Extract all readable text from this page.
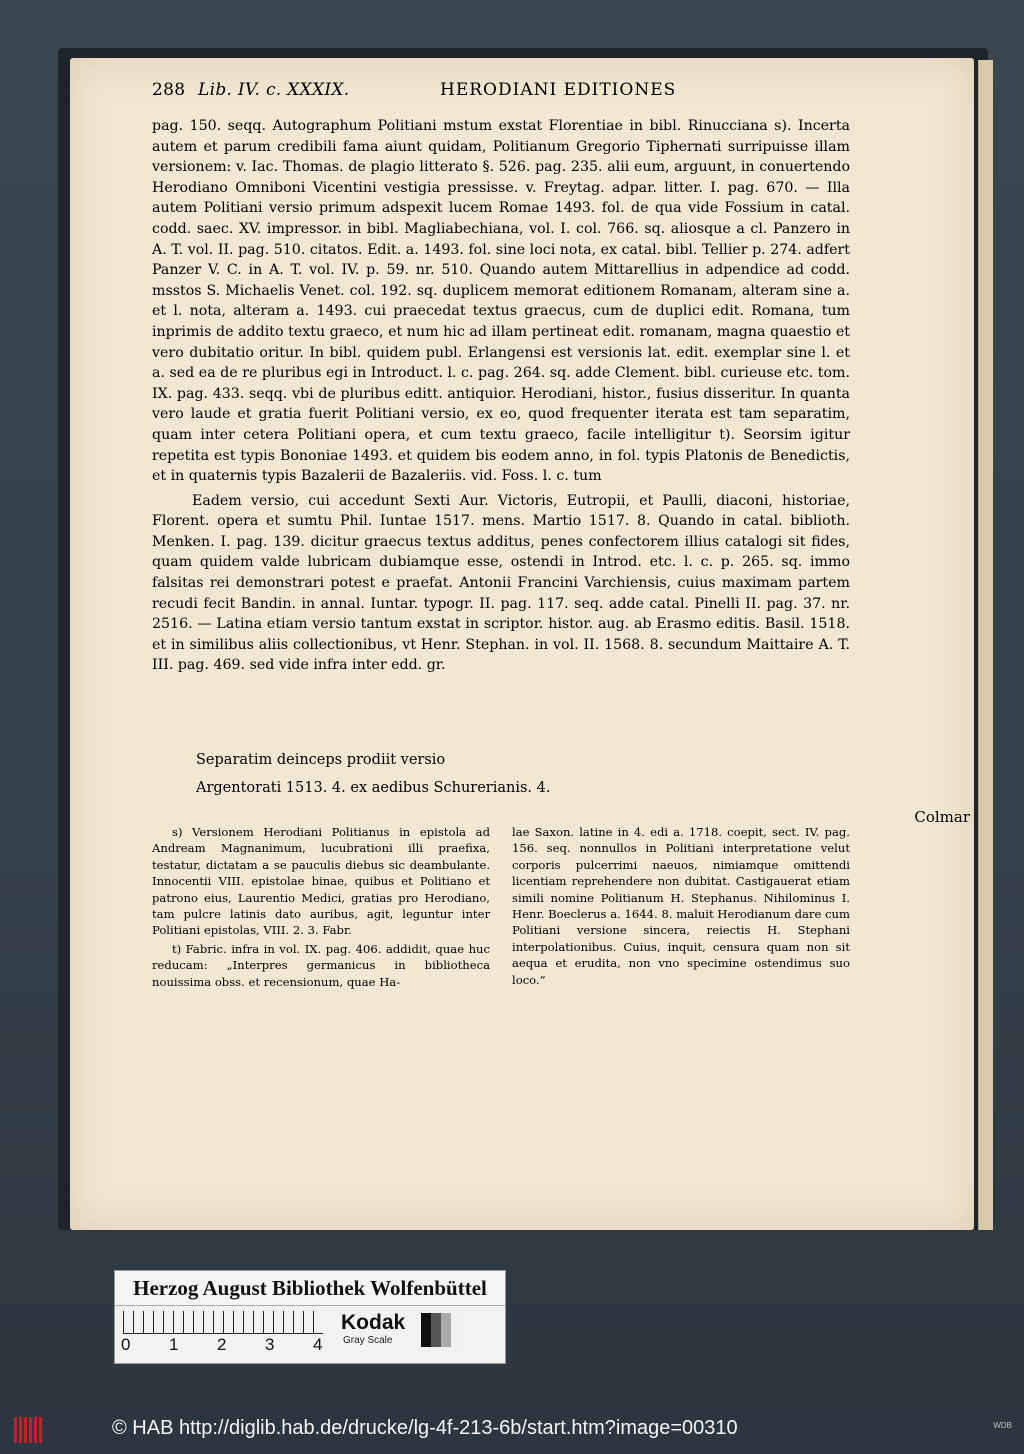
288 Lib. IV. c. XXXIX.	HERODIANI EDITIONES

pag. 150. seqq. Autographum Politiani mstum exstat Florentiae in bibl. Rinucciana s). Incerta autem et parum credibili fama aiunt quidam, Politianum Gregorio Tiphernati surripuisse illam versionem: v. Iac. Thomas. de plagio litterato §. 526. pag. 235. alii eum, arguunt, in conuertendo Herodiano Omniboni Vicentini vestigia pressisse. v. Freytag. adpar. litter. I. pag. 670. — Illa autem Politiani versio primum adspexit lucem Romae 1493. fol. de qua vide Fossium in catal. codd. saec. XV. impressor. in bibl. Magliabechiana, vol. I. col. 766. sq. aliosque a cl. Panzero in A. T. vol. II. pag. 510. citatos. Edit. a. 1493. fol. sine loci nota, ex catal. bibl. Tellier p. 274. adfert Panzer V. C. in A. T. vol. IV. p. 59. nr. 510. Quando autem Mittarellius in adpendice ad codd. msstos S. Michaelis Venet. col. 192. sq. duplicem memorat editionem Romanam, alteram sine a. et l. nota, alteram a. 1493. cui praecedat textus graecus, cum de duplici edit. Romana, tum inprimis de addito textu graeco, et num hic ad illam pertineat edit. romanam, magna quaestio et vero dubitatio oritur. In bibl. quidem publ. Erlangensi est versionis lat. edit. exemplar sine l. et a. sed ea de re pluribus egi in Introduct. l. c. pag. 264. sq. adde Clement. bibl. curieuse etc. tom. IX. pag. 433. seqq. vbi de pluribus editt. antiquior. Herodiani, histor., fusius disseritur. In quanta vero laude et gratia fuerit Politiani versio, ex eo, quod frequenter iterata est tam separatim, quam inter cetera Politiani opera, et cum textu graeco, facile intelligitur t). Seorsim igitur repetita est typis Bononiae 1493. et quidem bis eodem anno, in fol. typis Platonis de Benedictis, et in quaternis typis Bazalerii de Bazaleriis. vid. Foss. l. c. tum

Eadem versio, cui accedunt Sexti Aur. Victoris, Eutropii, et Paulli, diaconi, historiae, Florent. opera et sumtu Phil. Iuntae 1517. mens. Martio 1517. 8. Quando in catal. biblioth. Menken. I. pag. 139. dicitur graecus textus additus, penes confectorem illius catalogi sit fides, quam quidem valde lubricam dubiamque esse, ostendi in Introd. etc. l. c. p. 265. sq. immo falsitas rei demonstrari potest e praefat. Antonii Francini Varchiensis, cuius maximam partem recudi fecit Bandin. in annal. Iuntar. typogr. II. pag. 117. seq. adde catal. Pinelli II. pag. 37. nr. 2516. — Latina etiam versio tantum exstat in scriptor. histor. aug. ab Erasmo editis. Basil. 1518. et in similibus aliis collectionibus, vt Henr. Stephan. in vol. II. 1568. 8. secundum Maittaire A. T. III. pag. 469. sed vide infra inter edd. gr.

Separatim deinceps prodiit versio
Argentorati 1513. 4. ex aedibus Schurerianis. 4.
Colmar

s) Versionem Herodiani Politianus in epistola ad Andream Magnanimum, lucubrationi illi praefixa, testatur, dictatam a se pauculis diebus sic deambulante. Innocentii VIII. epistolae binae, quibus et Politiano et patrono eius, Laurentio Medici, gratias pro Herodiano, tam pulcre latinis dato auribus, agit, leguntur inter Politiani epistolas, VIII. 2. 3. Fabr.

t) Fabric. infra in vol. IX. pag. 406. addidit, quae huc reducam: „Interpres germanicus in bibliotheca nouissima obss. et recensionum, quae Ha-

lae Saxon. latine in 4. edi a. 1718. coepit, sect. IV. pag. 156. seq. nonnullos in Politiani interpretatione velut corporis pulcerrimi naeuos, nimiamque omittendi licentiam reprehendere non dubitat. Castigauerat etiam simili nomine Politianum H. Stephanus. Nihilominus I. Henr. Boeclerus a. 1644. 8. maluit Herodianum dare cum Politiani versione sincera, reiectis H. Stephani interpolationibus. Cuius, inquit, censura quam non sit aequa et erudita, non vno specimine ostendimus suo loco.“

Herzog August Bibliothek Wolfenbüttel
0 1 2 3 4
Kodak
Gray Scale
© HAB http://diglib.hab.de/drucke/lg-4f-213-6b/start.htm?image=00310	WDB
